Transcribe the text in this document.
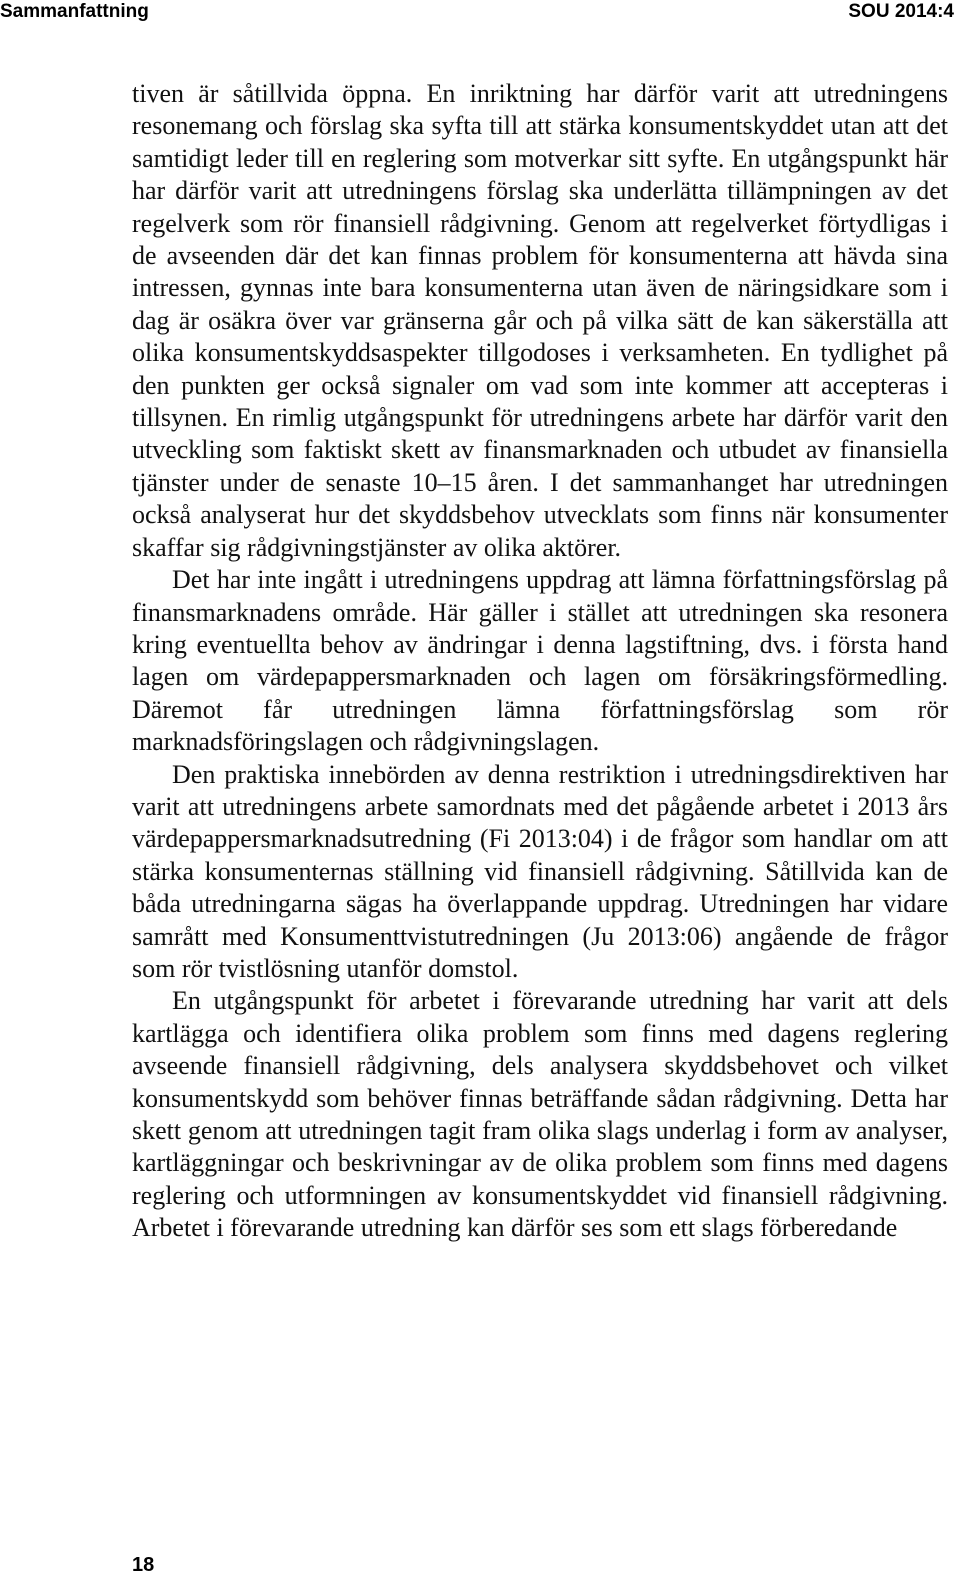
Sammanfattning	SOU 2014:4

tiven är såtillvida öppna. En inriktning har därför varit att utredningens resonemang och förslag ska syfta till att stärka konsumentskyddet utan att det samtidigt leder till en reglering som motverkar sitt syfte. En utgångspunkt här har därför varit att utredningens förslag ska underlätta tillämpningen av det regelverk som rör finansiell rådgivning. Genom att regelverket förtydligas i de avseenden där det kan finnas problem för konsumenterna att hävda sina intressen, gynnas inte bara konsumenterna utan även de näringsidkare som i dag är osäkra över var gränserna går och på vilka sätt de kan säkerställa att olika konsumentskyddsaspekter tillgodoses i verksamheten. En tydlighet på den punkten ger också signaler om vad som inte kommer att accepteras i tillsynen. En rimlig utgångspunkt för utredningens arbete har därför varit den utveckling som faktiskt skett av finansmarknaden och utbudet av finansiella tjänster under de senaste 10–15 åren. I det sammanhanget har utredningen också analyserat hur det skyddsbehov utvecklats som finns när konsumenter skaffar sig rådgivningstjänster av olika aktörer.

Det har inte ingått i utredningens uppdrag att lämna författningsförslag på finansmarknadens område. Här gäller i stället att utredningen ska resonera kring eventuellta behov av ändringar i denna lagstiftning, dvs. i första hand lagen om värdepappersmarknaden och lagen om försäkringsförmedling. Däremot får utredningen lämna författningsförslag som rör marknadsföringslagen och rådgivningslagen.

Den praktiska innebörden av denna restriktion i utredningsdirektiven har varit att utredningens arbete samordnats med det pågående arbetet i 2013 års värdepappersmarknadsutredning (Fi 2013:04) i de frågor som handlar om att stärka konsumenternas ställning vid finansiell rådgivning. Såtillvida kan de båda utredningarna sägas ha överlappande uppdrag. Utredningen har vidare samrått med Konsumenttvistutredningen (Ju 2013:06) angående de frågor som rör tvistlösning utanför domstol.

En utgångspunkt för arbetet i förevarande utredning har varit att dels kartlägga och identifiera olika problem som finns med dagens reglering avseende finansiell rådgivning, dels analysera skyddsbehovet och vilket konsumentskydd som behöver finnas beträffande sådan rådgivning. Detta har skett genom att utredningen tagit fram olika slags underlag i form av analyser, kartläggningar och beskrivningar av de olika problem som finns med dagens reglering och utformningen av konsumentskyddet vid finansiell rådgivning. Arbetet i förevarande utredning kan därför ses som ett slags förberedande

18
